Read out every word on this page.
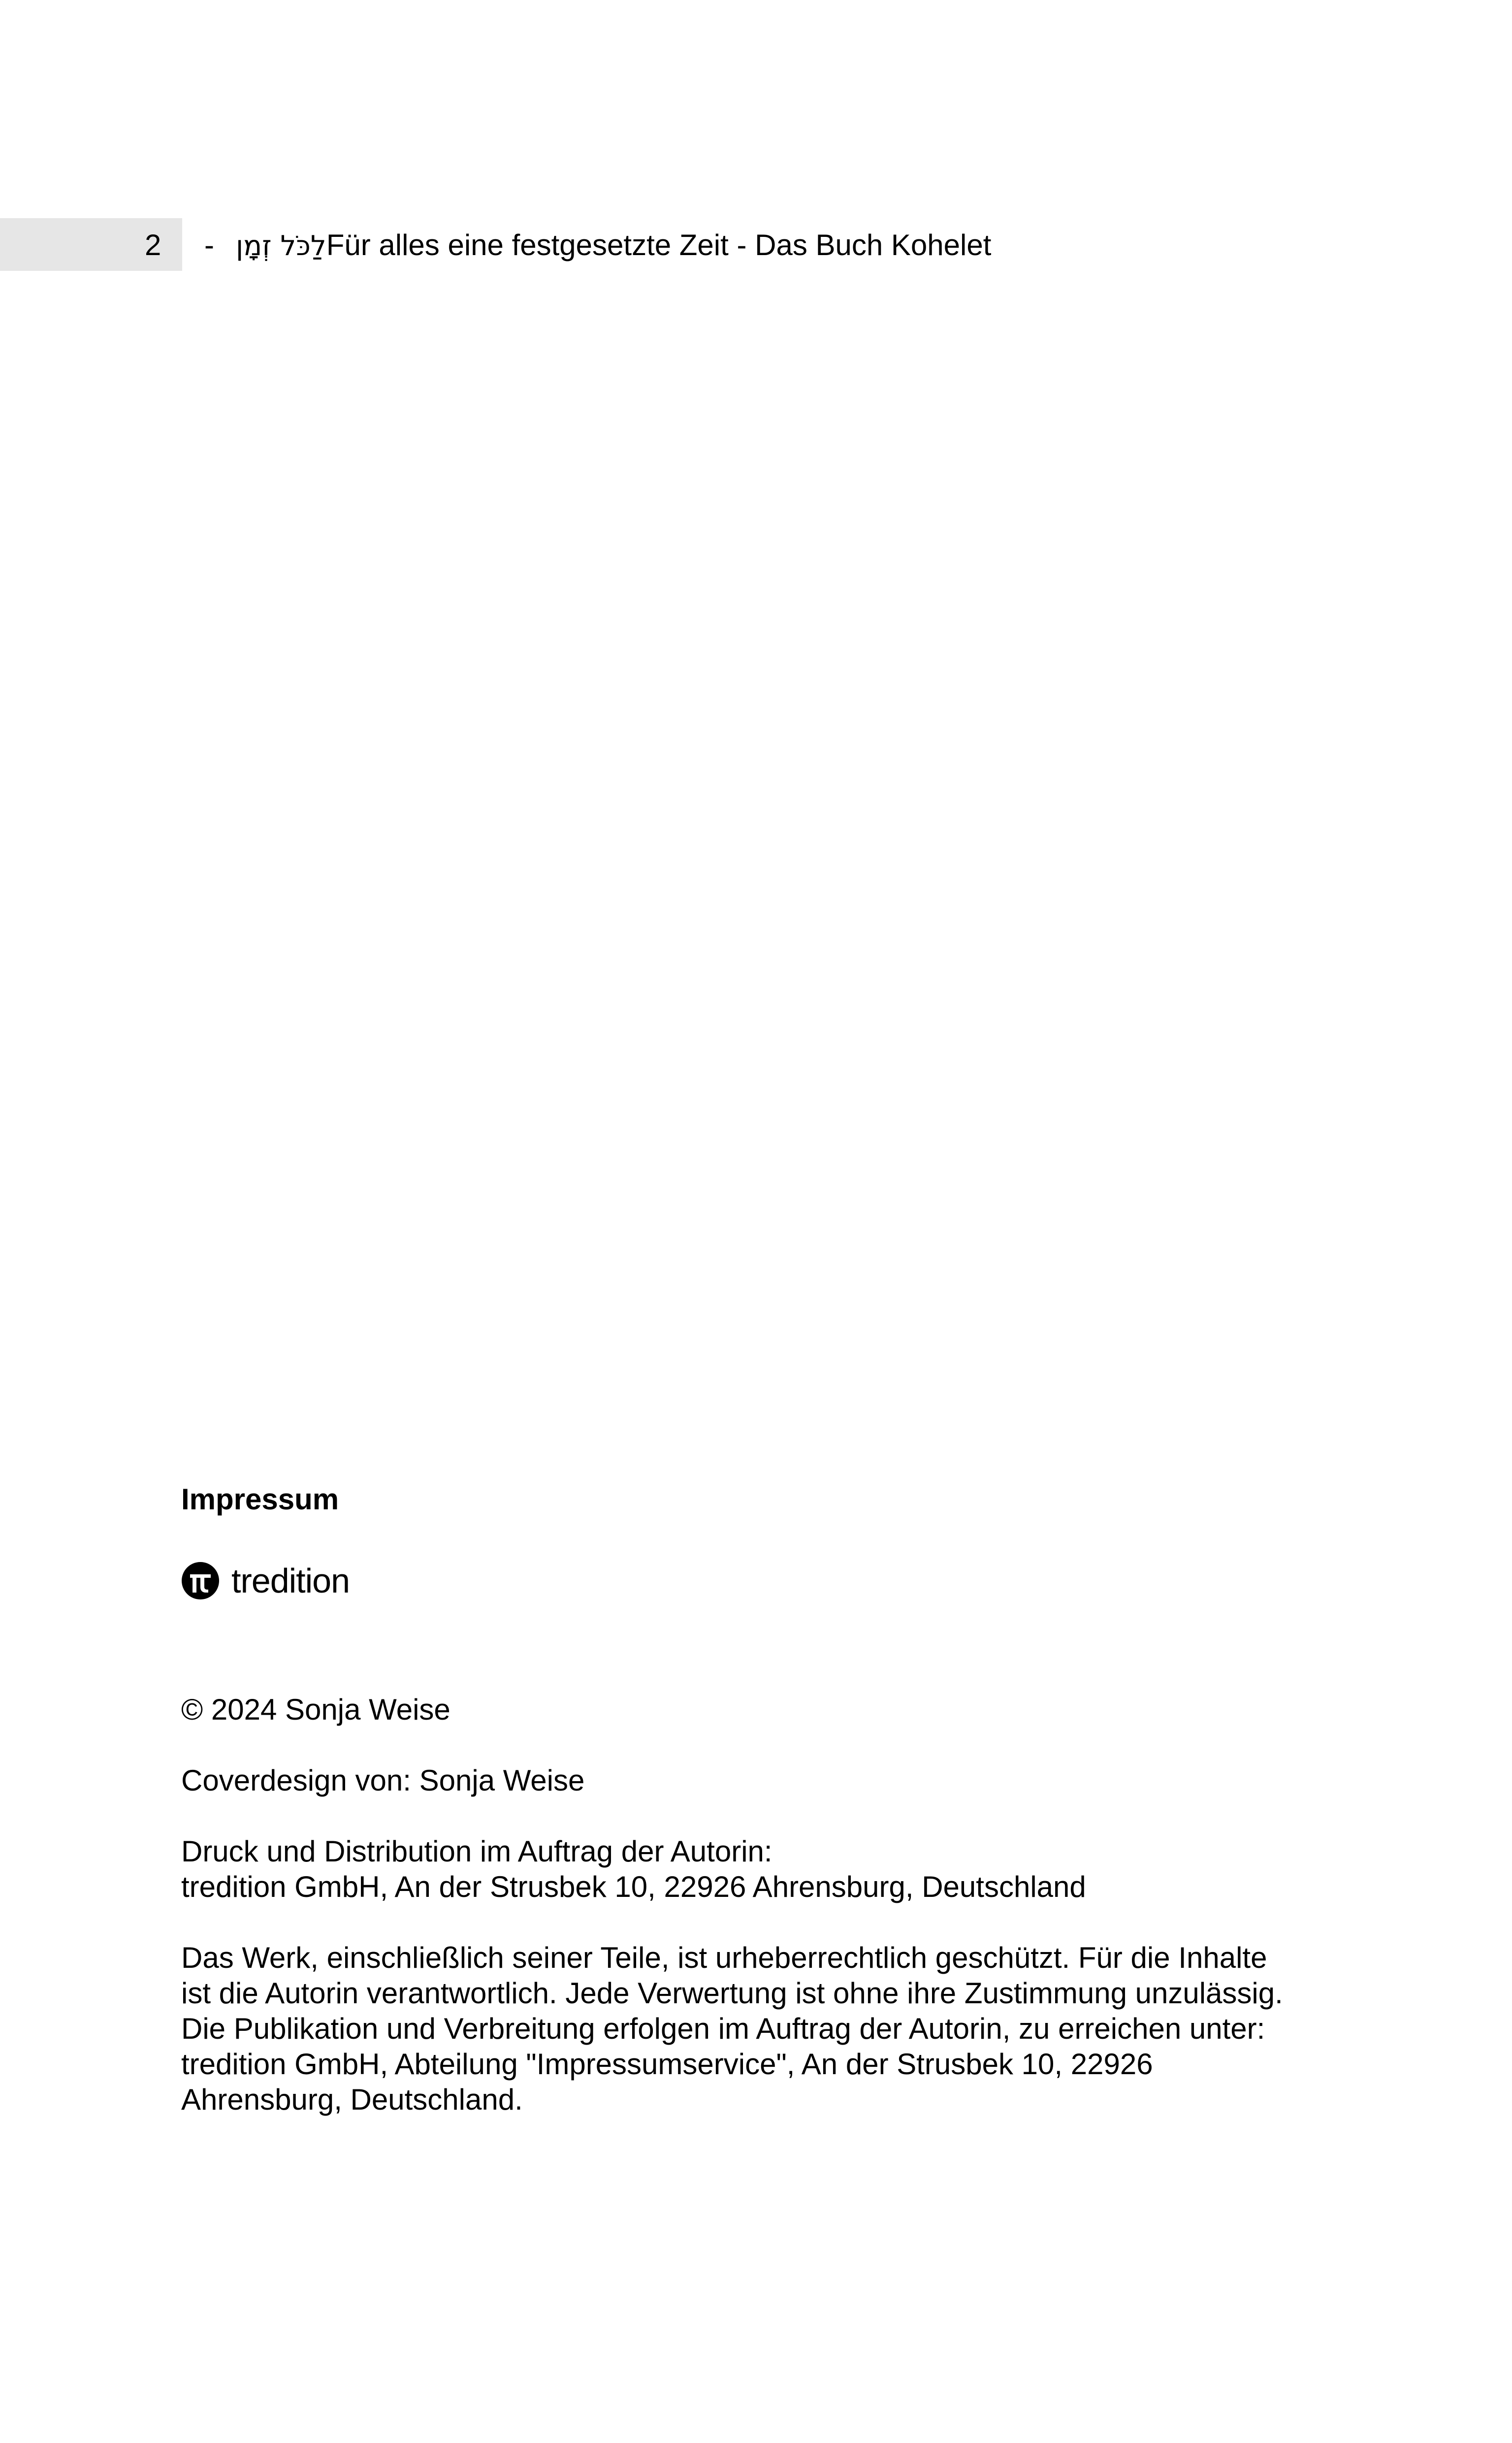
2 - לַכֹּל זְמָןFür alles eine festgesetzte Zeit - Das Buch Kohelet
Impressum
tredition

© 2024 Sonja Weise

Coverdesign von: Sonja Weise

Druck und Distribution im Auftrag der Autorin:

tredition GmbH, An der Strusbek 10, 22926 Ahrensburg, Deutschland

Das Werk, einschließlich seiner Teile, ist urheberrechtlich geschützt. Für die Inhalte

ist die Autorin verantwortlich. Jede Verwertung ist ohne ihre Zustimmung unzulässig.

Die Publikation und Verbreitung erfolgen im Auftrag der Autorin, zu erreichen unter:

tredition GmbH, Abteilung "Impressumservice", An der Strusbek 10, 22926

Ahrensburg, Deutschland.
